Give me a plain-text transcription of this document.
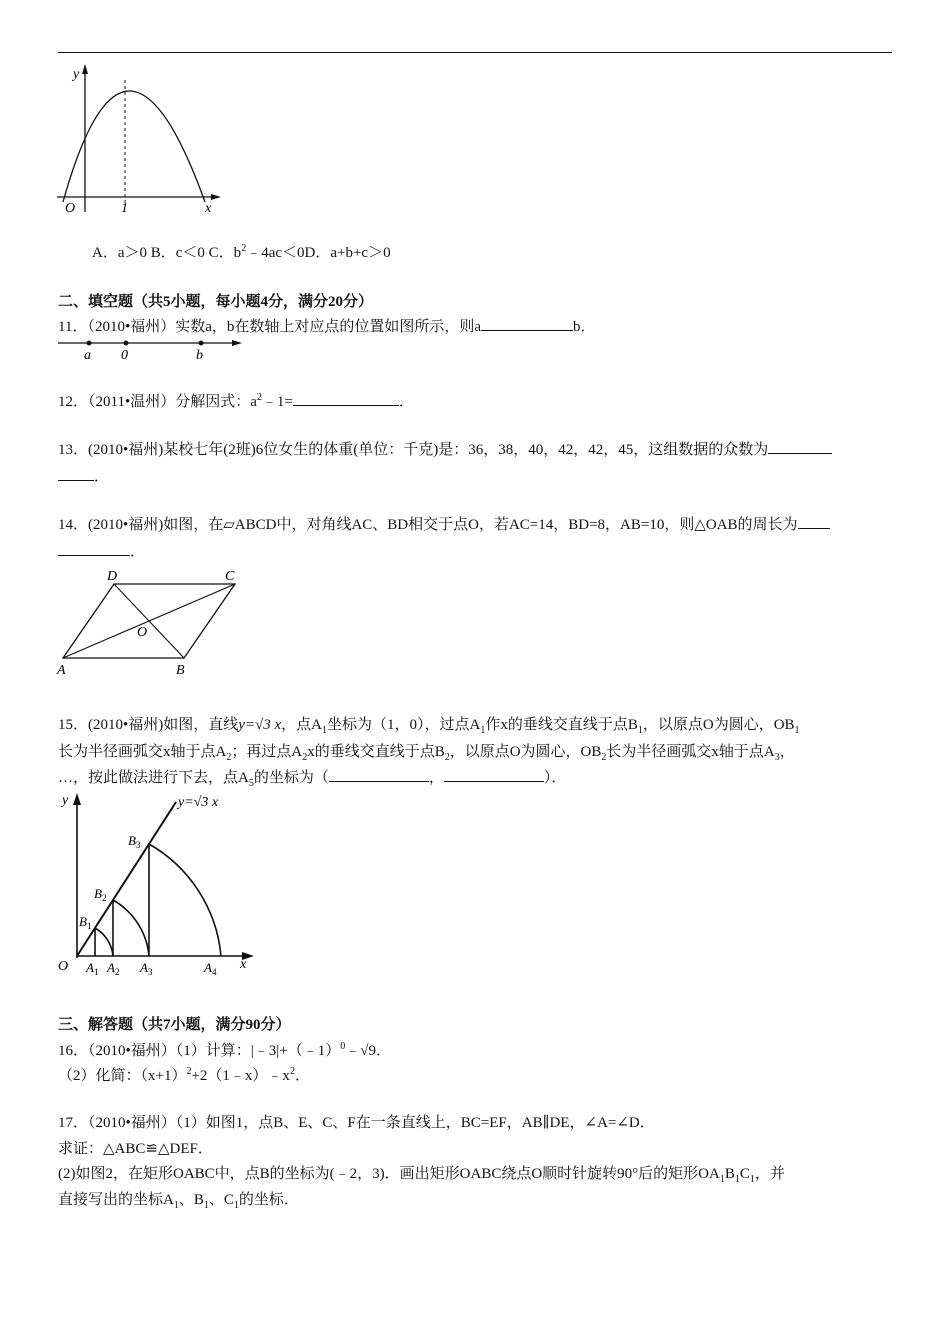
y
x
O	1
A．a＞0 B．c＜0 C．$b^2﹣4ac<0D$．a+b+c＞0
二、填空题（共5小题，每小题4分，满分20分）
11．（2010•福州）实数a，b在数轴上对应点的位置如图所示，则a	b．
a 0	b
12．（2011•温州）分解因式：$a^2﹣1=$	．
13．(2010•福州)某校七年(2班)6位女生的体重(单位：千克)是：36，38，40，42，42，45，这组数据的众数为
．
14．(2010•福州)如图，在▱ABCD中，对角线AC、BD相交于点O，若AC=14，BD=8，AB=10，则△OAB的周长为
．
A	B
C
D
O
15．(2010•福州)如图，直线y=√3 x，点$A_1$坐标为（1，0），过点$A_1$作x的垂线交直线于点$B_1$，以原点O为圆心，$OB_1$
长为半径画弧交x轴于点$A_2$；再过点$A_2x$的垂线交直线于点$B_2$，以原点O为圆心，$OB_2$长为半径画弧交x轴于点$A_3$，
…，按此做法进行下去，点$A_5$的坐标为（	，	）．
y
x
O
y=√3 x
$B_1$
$B_2$
$B_3$
$A_1$ $A_2$ $A_3$	$A_4$
三、解答题（共7小题，满分90分）
16．（2010•福州）（1）计算：|﹣3|+（﹣1）$^0$﹣√9．
（2）化简：$(x+1)^2+2(1﹣x)﹣x^2$．
17．（2010•福州）（1）如图1，点B、E、C、F在一条直线上，BC=EF，AB∥DE，∠A=∠D．
求证：△ABC≌△DEF．
(2)如图2，在矩形OABC中，点B的坐标为(﹣2，3)．画出矩形OABC绕点O顺时针旋转90°后的矩形$OA_1B_1C_1$，并
直接写出的坐标$A_1$、$B_1$、$C_1$的坐标．
